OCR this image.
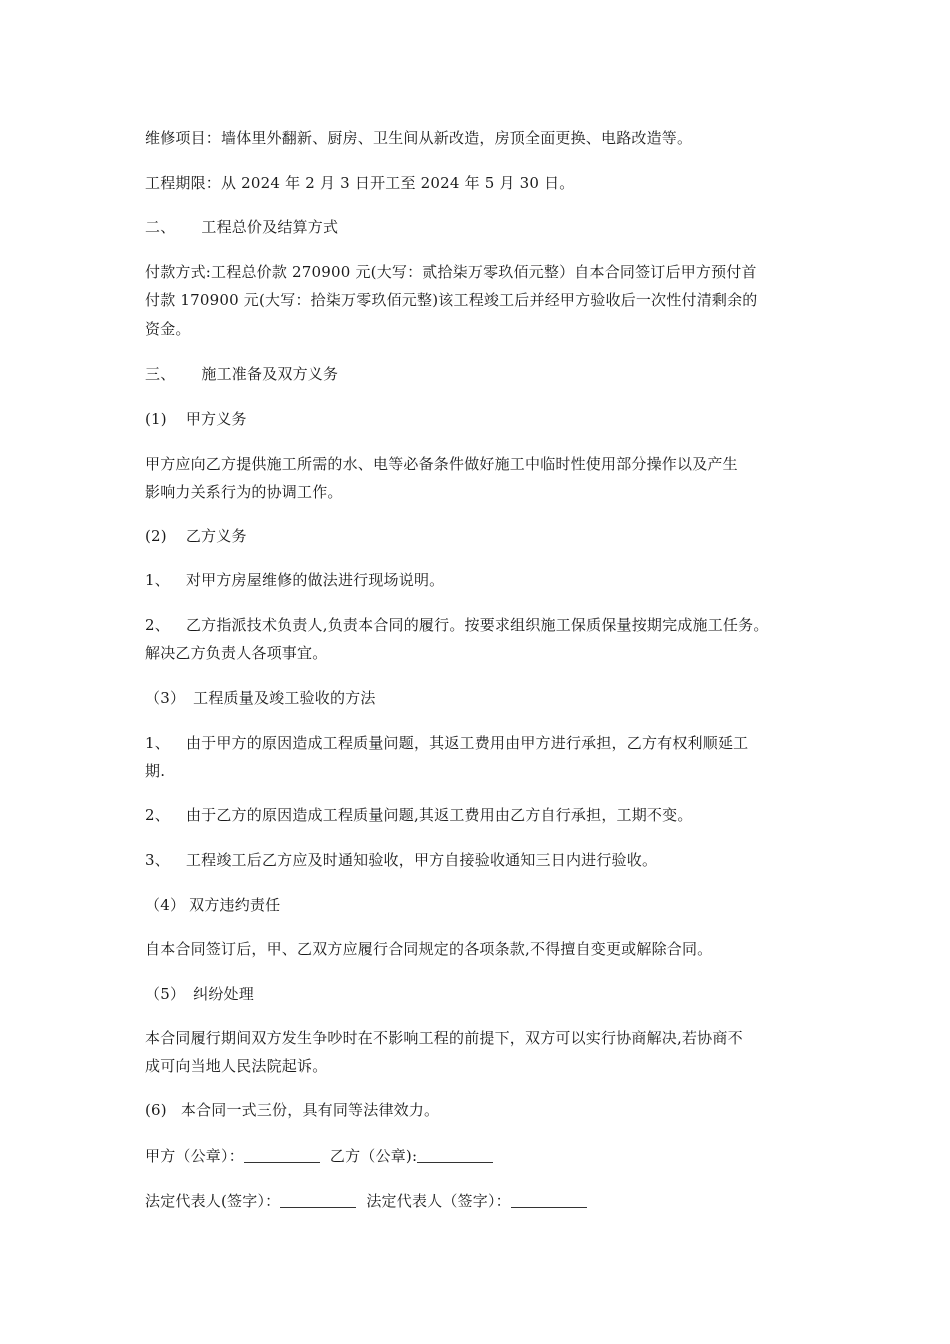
维修项目：墙体里外翻新、厨房、卫生间从新改造，房顶全面更换、电路改造等。
工程期限：从 2024 年 2 月 3 日开工至 2024 年 5 月 30 日。
二、 工程总价及结算方式
付款方式:工程总价款 270900 元(大写：贰拾柒万零玖佰元整）自本合同签订后甲方预付首
付款 170900 元(大写：拾柒万零玖佰元整)该工程竣工后并经甲方验收后一次性付清剩余的
资金。
三、 施工准备及双方义务
(1) 甲方义务
甲方应向乙方提供施工所需的水、电等必备条件做好施工中临时性使用部分操作以及产生
影响力关系行为的协调工作。
(2) 乙方义务
1、 对甲方房屋维修的做法进行现场说明。
2、 乙方指派技术负责人,负责本合同的履行。按要求组织施工保质保量按期完成施工任务。
解决乙方负责人各项事宜。
（3） 工程质量及竣工验收的方法
1、 由于甲方的原因造成工程质量问题，其返工费用由甲方进行承担，乙方有权利顺延工
期.
2、 由于乙方的原因造成工程质量问题,其返工费用由乙方自行承担，工期不变。
3、 工程竣工后乙方应及时通知验收，甲方自接验收通知三日内进行验收。
（4） 双方违约责任
自本合同签订后，甲、乙双方应履行合同规定的各项条款,不得擅自变更或解除合同。
（5） 纠纷处理
本合同履行期间双方发生争吵时在不影响工程的前提下，双方可以实行协商解决,若协商不
成可向当地人民法院起诉。
(6) 本合同一式三份，具有同等法律效力。
甲方（公章）：	乙方（公章):
法定代表人(签字）：	法定代表人（签字）：
